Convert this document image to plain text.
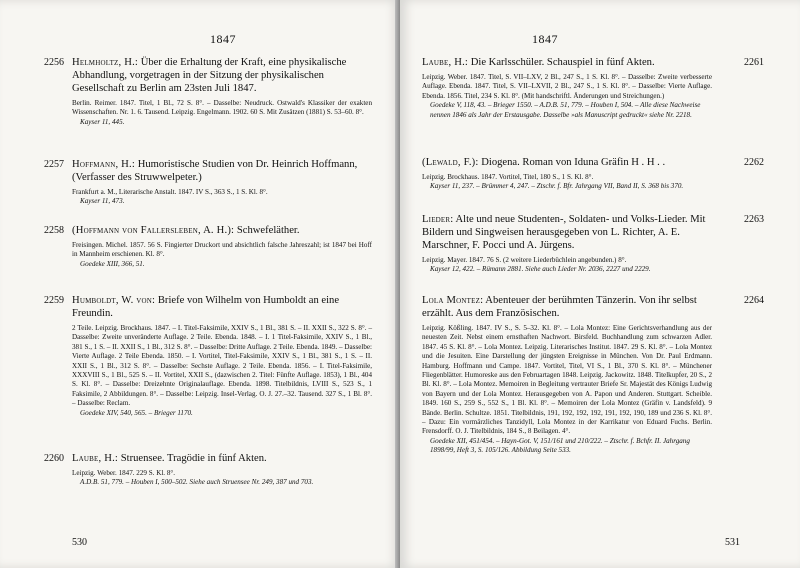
1847
2256 Helmholtz, H.: Über die Erhaltung der Kraft, eine physikalische Abhandlung, vorgetragen in der Sitzung der physikalischen Gesellschaft zu Berlin am 23sten Juli 1847.

Berlin. Reimer. 1847. Titel, 1 Bl., 72 S. 8°. – Dasselbe: Neudruck. Ostwald's Klassiker der exakten Wissenschaften. Nr. 1. 6. Tausend. Leipzig. Engelmann. 1902. 60 S. Mit Zusätzen (1881) S. 53–60. 8°.

Kayser 11, 445.

2257 Hoffmann, H.: Humoristische Studien von Dr. Heinrich Hoffmann, (Verfasser des Struwwelpeter.)

Frankfurt a. M., Literarische Anstalt. 1847. IV S., 363 S., 1 S. Kl. 8°.

Kayser 11, 473.

2258 (Hoffmann von Fallersleben, A. H.): Schwefeläther.

Freisingen. Michel. 1857. 56 S. Fingierter Druckort und absichtlich falsche Jahreszahl; ist 1847 bei Hoff in Mannheim erschienen. Kl. 8°.

Goedeke XIII, 366, 51.

2259 Humboldt, W. von: Briefe von Wilhelm von Humboldt an eine Freundin.

2 Teile. Leipzig. Brockhaus. 1847. – I. Titel-Faksimile, XXIV S., 1 Bl., 381 S. – II. XXII S., 322 S. 8°. – Dasselbe: Zweite unveränderte Auflage. 2 Teile. Ebenda. 1848. – I. 1 Titel-Faksimile, XXIV S., 1 Bl., 381 S., 1 S. – II. XXII S., 1 Bl., 312 S. 8°. – Dasselbe: Dritte Auflage. 2 Teile. Ebenda. 1849. – Dasselbe: Vierte Auflage. 2 Teile Ebenda. 1850. – I. Vortitel, Titel-Faksimile, XXIV S., 1 Bl., 381 S., 1 S. – II. XXII S., 1 Bl., 312 S. 8°. – Dasselbe: Sechste Auflage. 2 Teile. Ebenda. 1856. – I. Titel-Faksimile, XXXVIII S., 1 Bl., 525 S. – II. Vortitel, XXII S., (dazwischen 2. Titel: Fünfte Auflage. 1853), 1 Bl., 404 S. Kl. 8°. – Dasselbe: Dreizehnte Originalauflage. Ebenda. 1898. Titelbildnis, LVIII S., 523 S., 1 Faksimile, 2 Abbildungen. 8°. – Dasselbe: Leipzig. Insel-Verlag. O. J. 27.–32. Tausend. 327 S., 1 Bl. 8°. – Dasselbe: Reclam.

Goedeke XIV, 540, 565. – Brieger 1170.

2260 Laube, H.: Struensee. Tragödie in fünf Akten.

Leipzig. Weber. 1847. 229 S. Kl. 8°.

A.D.B. 51, 779. – Houben I, 500–502. Siehe auch Struensee Nr. 249, 387 und 703.

530
1847
2261

Laube, H.: Die Karlsschüler. Schauspiel in fünf Akten.

Leipzig. Weber. 1847. Titel, S. VII–LXV, 2 Bl., 247 S., 1 S. Kl. 8°. – Dasselbe: Zweite verbesserte Auflage. Ebenda. 1847. Titel, S. VII–LXVII, 2 Bl., 247 S., 1 S. Kl. 8°. – Dasselbe: Vierte Auflage. Ebenda. 1856. Titel, 234 S. Kl. 8°. (Mit handschriftl. Änderungen und Streichungen.)

Goedeke V, 118, 43. – Brieger 1550. – A.D.B. 51, 779. – Houben I, 504. – Alle diese Nachweise nennen 1846 als Jahr der Erstausgabe. Dasselbe »als Manuscript gedruckt« siehe Nr. 2218.

2262

(Lewald, F.): Diogena. Roman von Iduna Gräfin H . H . .

Leipzig. Brockhaus. 1847. Vortitel, Titel, 180 S., 1 S. Kl. 8°.

Kayser 11, 237. – Brümmer 4, 247. – Ztschr. f. Bfr. Jahrgang VII, Band II, S. 368 bis 370.

2263

Lieder: Alte und neue Studenten-, Soldaten- und Volks-Lieder. Mit Bildern und Singweisen herausgegeben von L. Richter, A. E. Marschner, F. Pocci und A. Jürgens.

Leipzig. Mayer. 1847. 76 S. (2 weitere Liederbüchlein angebunden.) 8°.

Kayser 12, 422. – Rümann 2881. Siehe auch Lieder Nr. 2036, 2227 und 2229.

2264

Lola Montez: Abenteuer der berühmten Tänzerin. Von ihr selbst erzählt. Aus dem Französischen.

Leipzig. Kößling. 1847. IV S., S. 5–32. Kl. 8°. – Lola Montez: Eine Gerichtsverhandlung aus der neuesten Zeit. Nebst einem ernsthaften Nachwort. Birsfeld. Buchhandlung zum schwarzen Adler. 1847. 45 S. Kl. 8°. – Lola Montez. Leipzig. Literarisches Institut. 1847. 29 S. Kl. 8°. – Lola Montez und die Jesuiten. Eine Darstellung der jüngsten Ereignisse in München. Von Dr. Paul Erdmann. Hamburg. Hoffmann und Campe. 1847. Vortitel, Titel, VI S., 1 Bl., 370 S. Kl. 8°. – Münchener Fliegenblätter. Humoreske aus den Februartagen 1848. Leipzig. Jackowitz. 1848. Titelkupfer, 20 S., 2 Bl. Kl. 8°. – Lola Montez. Memoiren in Begleitung vertrauter Briefe Sr. Majestät des Königs Ludwig von Bayern und der Lola Montez. Herausgegeben von A. Papon und Anderen. Stuttgart. Scheible. 1849. 160 S., 259 S., 552 S., 1 Bl. Kl. 8°. – Memoiren der Lola Montez (Gräfin v. Landsfeld). 9 Bände. Berlin. Schultze. 1851. Titelbildnis, 191, 192, 192, 192, 191, 192, 190, 189 und 236 S. Kl. 8°. – Dazu: Ein vormärzliches Tanzidyll, Lola Montez in der Karrikatur von Eduard Fuchs. Berlin. Frensdorff. O. J. Titelbildnis, 184 S., 8 Beilagen. 4°.

Goedeke XII, 451/454. – Hayn-Got. V, 151/161 und 210/222. – Ztschr. f. Bchfr. II. Jahrgang 1898/99, Heft 3, S. 105/126. Abbildung Seite 533.

531
